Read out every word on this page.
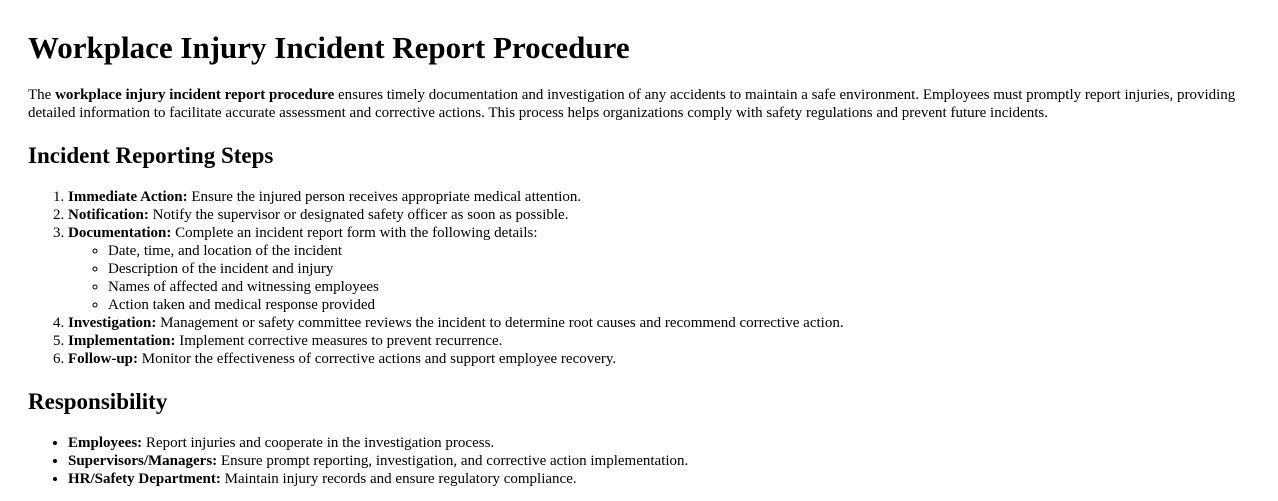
Workplace Injury Incident Report Procedure

The workplace injury incident report procedure ensures timely documentation and investigation of any accidents to maintain a safe environment. Employees must promptly report injuries, providing detailed information to facilitate accurate assessment and corrective actions. This process helps organizations comply with safety regulations and prevent future incidents.

Incident Reporting Steps
1. Immediate Action: Ensure the injured person receives appropriate medical attention.
2. Notification: Notify the supervisor or designated safety officer as soon as possible.
3. Documentation: Complete an incident report form with the following details:
◦ Date, time, and location of the incident
◦ Description of the incident and injury
◦ Names of affected and witnessing employees
◦ Action taken and medical response provided
4. Investigation: Management or safety committee reviews the incident to determine root causes and recommend corrective action.
5. Implementation: Implement corrective measures to prevent recurrence.
6. Follow-up: Monitor the effectiveness of corrective actions and support employee recovery.
Responsibility
• Employees: Report injuries and cooperate in the investigation process.
• Supervisors/Managers: Ensure prompt reporting, investigation, and corrective action implementation.
• HR/Safety Department: Maintain injury records and ensure regulatory compliance.
